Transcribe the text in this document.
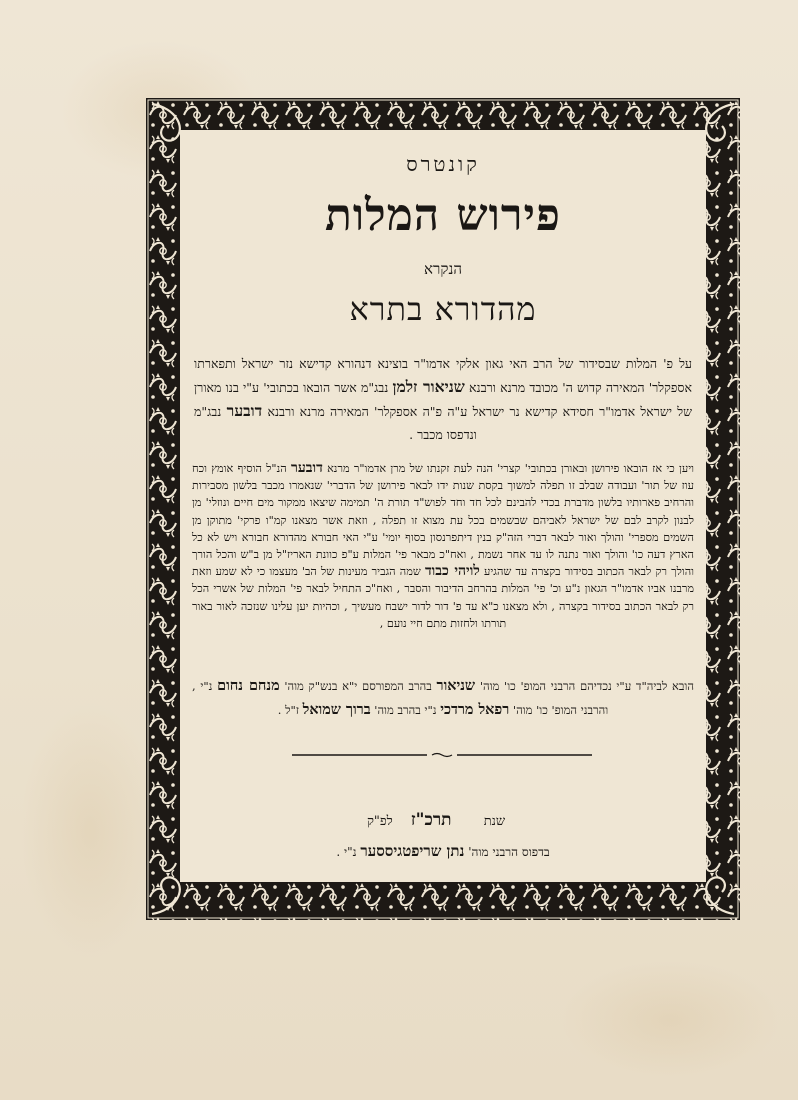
קונטרס
פירוש המלות
הנקרא
מהדורא בתרא
על פ' המלות שבסידור של הרב האי גאון אלקי אדמו"ר בוצינא דנהורא קדישא נזר ישראל ותפארתו אספקלר' המאירה קדוש ה' מכובד מרנא ורבנא שניאור זלמן נבג"מ אשר הובאו בכתובי' ע"י בנו מאורן של ישראל אדמו"ר חסידא קדישא נר ישראל ע"ה פ"ה אספקלר' המאירה מרנא ורבנא דובער נבג"מ ונדפסו מכבר .
ויען כי אז הובאו פירושן ובאורן בכתובי' קצרי' הנה לעת זקנתו של מרן אדמו"ר מרנא דובער הנ"ל הוסיף אומץ וכח עוז של תור' ועבודה שבלב זו תפלה למשוך בקסת שנות ידו לבאר פירושן של הדברי' שנאמרו מכבר בלשון מסבירות והרחיב פארותיו בלשון מדברת בכדי להבינם לכל חד וחד לפוש"ד תורת ה' תמימה שיצאו ממקור מים חיים ונוזלי' מן לבנון לקרב לבם של ישראל לאביהם שבשמים בכל עת מצוא זו תפלה , וזאת אשר מצאנו קמ"ו פרקי' מתוקן מן השמים מספרי' והולך ואור לבאר דברי הזה"ק בנין דיתפרנסון בסוף יומי' ע"י האי חבורא מהדורא חבורא ויש לא כל הארץ דעה כו' והולך ואור נתנה לו עד אחר נשמת , ואח"כ מבאר פי' המלות ע"פ כוונת האריז"ל מן ב"ש והכל הורך והולך רק לבאר הכתוב בסידור בקצרה עד שהגיע לויהי כבוד שמה הגביר מעינות של הב' מעצמו כי לא שמע וזאת מרבנו אביו אדמו"ר הגאון נ"ע וכ' פי' המלות בהרחב הדיבור והסבר , ואח"כ התחיל לבאר פי' המלות של אשרי הכל רק לבאר הכתוב בסידור בקצרה , ולא מצאנו כ"א עד פ' דור לדור ישבח מעשיך , וכהיות יען עלינו שנזכה לאור באור תורתו ולחזות מתם חיי נועם ,
הובא לביה"ד ע"י נכדיהם הרבני המופ' כו' מוה' שניאור בהרב המפורסם י"א בנש"ק מוה' מנחם נחום נ"י , והרבני המופ' כו' מוה' רפאל מרדכי נ"י בהרב מוה' ברוך שמואל ז"ל .
שנת תרכ"ז לפ"ק
בדפוס הרבני מוה' נתן שריפטגיססער נ"י .
